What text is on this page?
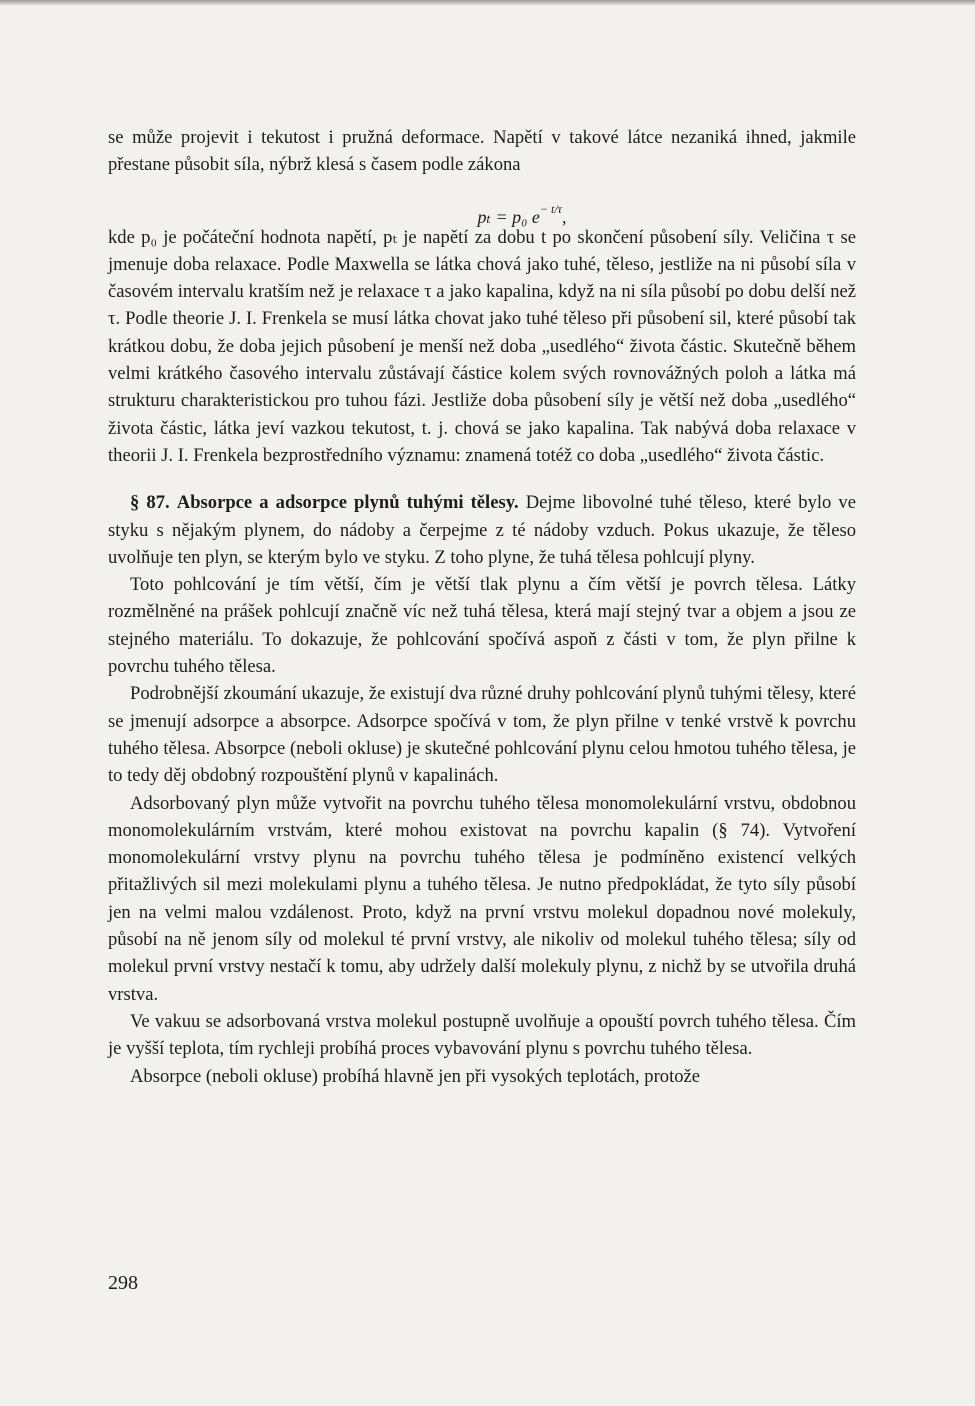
se může projevit i tekutost i pružná deformace. Napětí v takové látce nezaniká ihned, jakmile přestane působit síla, nýbrž klesá s časem podle zákona

pₜ = p₀ $e^{- t/\tau}$,

kde p₀ je počáteční hodnota napětí, pₜ je napětí za dobu t po skončení působení síly. Veličina τ se jmenuje doba relaxace. Podle Maxwella se látka chová jako tuhé, těleso, jestliže na ni působí síla v časovém intervalu kratším než je relaxace τ a jako kapalina, když na ni síla působí po dobu delší než τ. Podle theorie J. I. Frenkela se musí látka chovat jako tuhé těleso při působení sil, které působí tak krátkou dobu, že doba jejich působení je menší než doba „usedlého“ života částic. Skutečně během velmi krátkého časového intervalu zůstávají částice kolem svých rovnovážných poloh a látka má strukturu charakteristickou pro tuhou fázi. Jestliže doba působení síly je větší než doba „usedlého“ života částic, látka jeví vazkou tekutost, t. j. chová se jako kapalina. Tak nabývá doba relaxace v theorii J. I. Frenkela bezprostředního významu: znamená totéž co doba „usedlého“ života částic.

§ 87. Absorpce a adsorpce plynů tuhými tělesy. Dejme libovolné tuhé těleso, které bylo ve styku s nějakým plynem, do nádoby a čerpejme z té nádoby vzduch. Pokus ukazuje, že těleso uvolňuje ten plyn, se kterým bylo ve styku. Z toho plyne, že tuhá tělesa pohlcují plyny.

Toto pohlcování je tím větší, čím je větší tlak plynu a čím větší je povrch tělesa. Látky rozmělněné na prášek pohlcují značně víc než tuhá tělesa, která mají stejný tvar a objem a jsou ze stejného materiálu. To dokazuje, že pohlcování spočívá aspoň z části v tom, že plyn přilne k povrchu tuhého tělesa.

Podrobnější zkoumání ukazuje, že existují dva různé druhy pohlcování plynů tuhými tělesy, které se jmenují adsorpce a absorpce. Adsorpce spočívá v tom, že plyn přilne v tenké vrstvě k povrchu tuhého tělesa. Absorpce (neboli okluse) je skutečné pohlcování plynu celou hmotou tuhého tělesa, je to tedy děj obdobný rozpouštění plynů v kapalinách.

Adsorbovaný plyn může vytvořit na povrchu tuhého tělesa monomolekulární vrstvu, obdobnou monomolekulárním vrstvám, které mohou existovat na povrchu kapalin (§ 74). Vytvoření monomolekulární vrstvy plynu na povrchu tuhého tělesa je podmíněno existencí velkých přitažlivých sil mezi molekulami plynu a tuhého tělesa. Je nutno předpokládat, že tyto síly působí jen na velmi malou vzdálenost. Proto, když na první vrstvu molekul dopadnou nové molekuly, působí na ně jenom síly od molekul té první vrstvy, ale nikoliv od molekul tuhého tělesa; síly od molekul první vrstvy nestačí k tomu, aby udržely další molekuly plynu, z nichž by se utvořila druhá vrstva.

Ve vakuu se adsorbovaná vrstva molekul postupně uvolňuje a opouští povrch tuhého tělesa. Čím je vyšší teplota, tím rychleji probíhá proces vybavování plynu s povrchu tuhého tělesa.

Absorpce (neboli okluse) probíhá hlavně jen při vysokých teplotách, protože

298
